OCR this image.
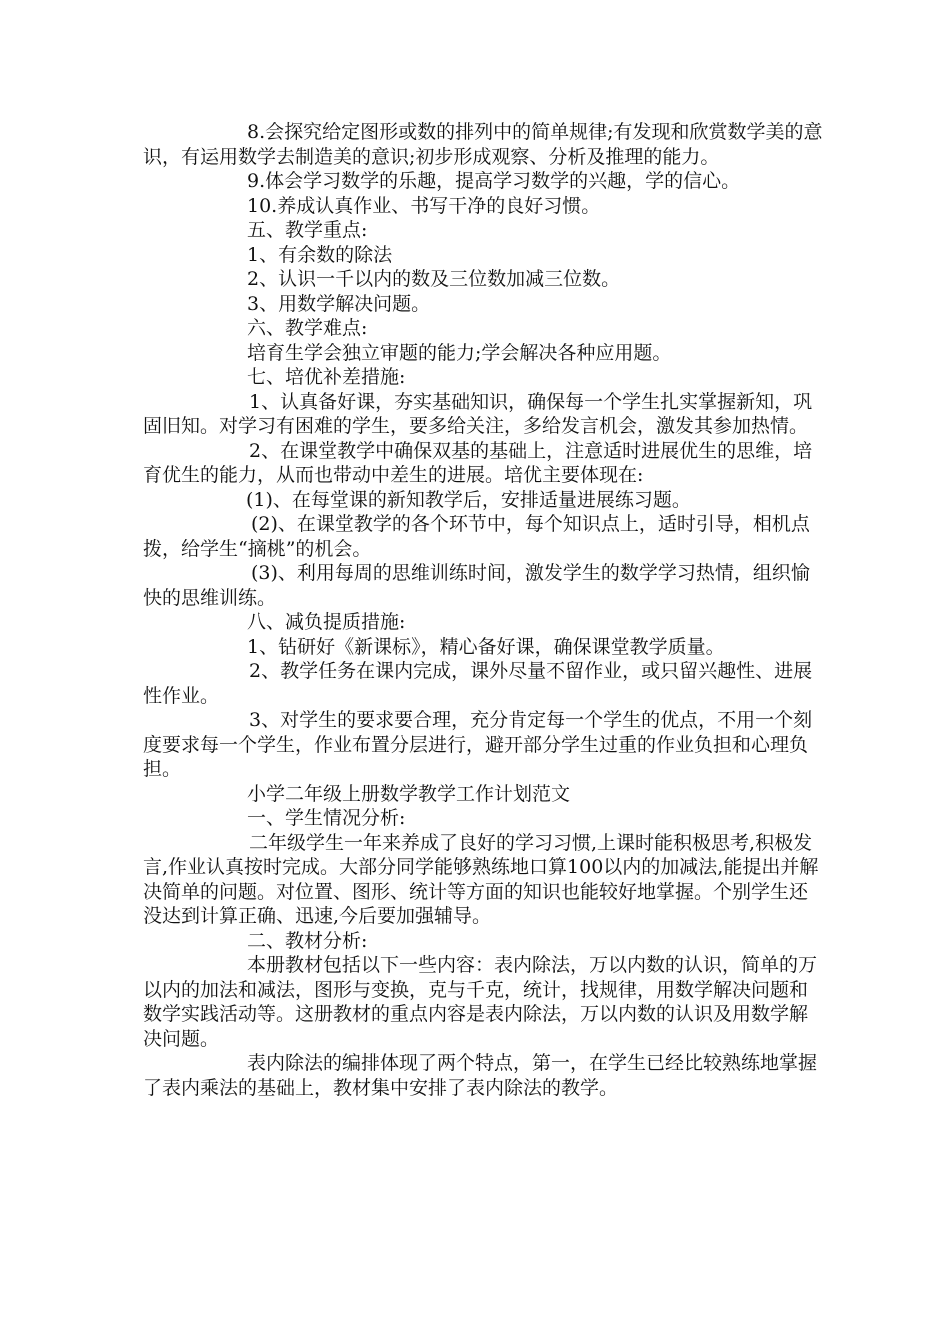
8.会探究给定图形或数的排列中的简单规律;有发现和欣赏数学美的意识，有运用数学去制造美的意识;初步形成观察、分析及推理的能力。

9.体会学习数学的乐趣，提高学习数学的兴趣，学的信心。

10.养成认真作业、书写干净的良好习惯。

五、教学重点:

1、有余数的除法

2、认识一千以内的数及三位数加减三位数。

3、用数学解决问题。

六、教学难点:

培育生学会独立审题的能力;学会解决各种应用题。

七、培优补差措施:

1、认真备好课，夯实基础知识，确保每一个学生扎实掌握新知，巩固旧知。对学习有困难的学生，要多给关注，多给发言机会，激发其参加热情。

2、在课堂教学中确保双基的基础上，注意适时进展优生的思维，培育优生的能力，从而也带动中差生的进展。培优主要体现在:

(1)、在每堂课的新知教学后，安排适量进展练习题。

(2)、在课堂教学的各个环节中，每个知识点上，适时引导，相机点拨，给学生“摘桃”的机会。

(3)、利用每周的思维训练时间，激发学生的数学学习热情，组织愉快的思维训练。

八、减负提质措施:

1、钻研好《新课标》，精心备好课，确保课堂教学质量。

2、教学任务在课内完成，课外尽量不留作业，或只留兴趣性、进展性作业。

3、对学生的要求要合理，充分肯定每一个学生的优点，不用一个刻度要求每一个学生，作业布置分层进行，避开部分学生过重的作业负担和心理负担。

小学二年级上册数学教学工作计划范文

一、学生情况分析:

二年级学生一年来养成了良好的学习习惯,上课时能积极思考,积极发言,作业认真按时完成。大部分同学能够熟练地口算100以内的加减法,能提出并解决简单的问题。对位置、图形、统计等方面的知识也能较好地掌握。个别学生还没达到计算正确、迅速,今后要加强辅导。

二、教材分析:

本册教材包括以下一些内容：表内除法，万以内数的认识，简单的万以内的加法和减法，图形与变换，克与千克，统计，找规律，用数学解决问题和数学实践活动等。这册教材的重点内容是表内除法，万以内数的认识及用数学解决问题。

表内除法的编排体现了两个特点，第一，在学生已经比较熟练地掌握了表内乘法的基础上，教材集中安排了表内除法的教学。
